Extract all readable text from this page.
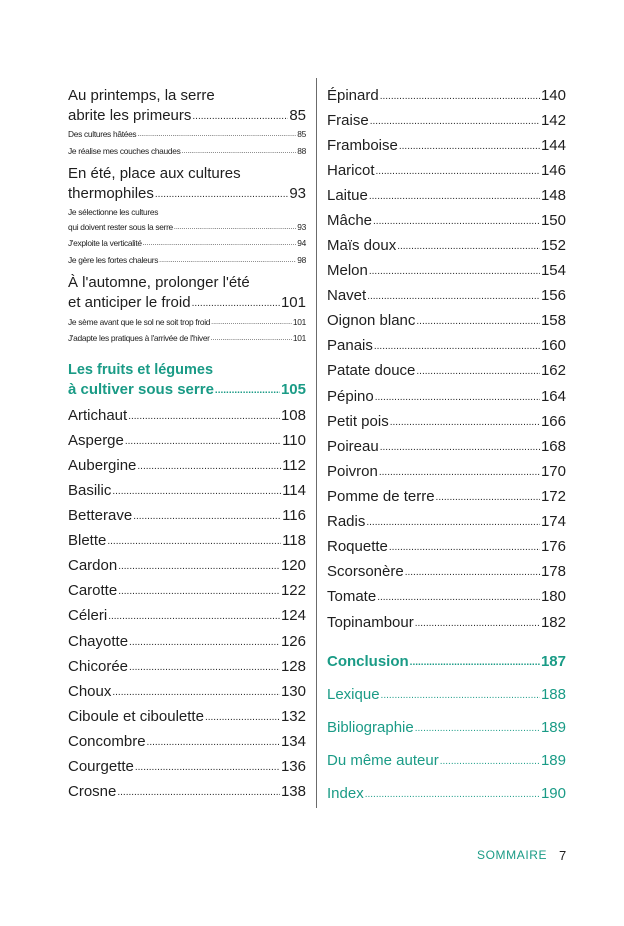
Au printemps, la serre
abrite les primeurs .....	85
Des cultures hâtées .....	85
Je réalise mes couches chaudes .....	88
En été, place aux cultures
thermophiles .....	93
Je sélectionne les cultures
qui doivent rester sous la serre .....	93
J'exploite la verticalité .....	94
Je gère les fortes chaleurs .....	98
À l'automne, prolonger l'été
et anticiper le froid .....	101
Je sème avant que le sol ne soit trop froid .....	101
J'adapte les pratiques à l'arrivée de l'hiver .....	101
Les fruits et légumes
à cultiver sous serre .....	105
Artichaut .....	108
Asperge .....	110
Aubergine .....	112
Basilic .....	114
Betterave .....	116
Blette .....	118
Cardon .....	120
Carotte .....	122
Céleri .....	124
Chayotte .....	126
Chicorée .....	128
Choux .....	130
Ciboule et ciboulette .....	132
Concombre .....	134
Courgette .....	136
Crosne .....	138
Épinard .....	140
Fraise .....	142
Framboise .....	144
Haricot .....	146
Laitue .....	148
Mâche .....	150
Maïs doux .....	152
Melon .....	154
Navet .....	156
Oignon blanc .....	158
Panais .....	160
Patate douce .....	162
Pépino .....	164
Petit pois .....	166
Poireau .....	168
Poivron .....	170
Pomme de terre .....	172
Radis .....	174
Roquette .....	176
Scorsonère .....	178
Tomate .....	180
Topinambour .....	182
Conclusion .....	187
Lexique .....	188
Bibliographie .....	189
Du même auteur .....	189
Index .....	190
SOMMAIRE 7
